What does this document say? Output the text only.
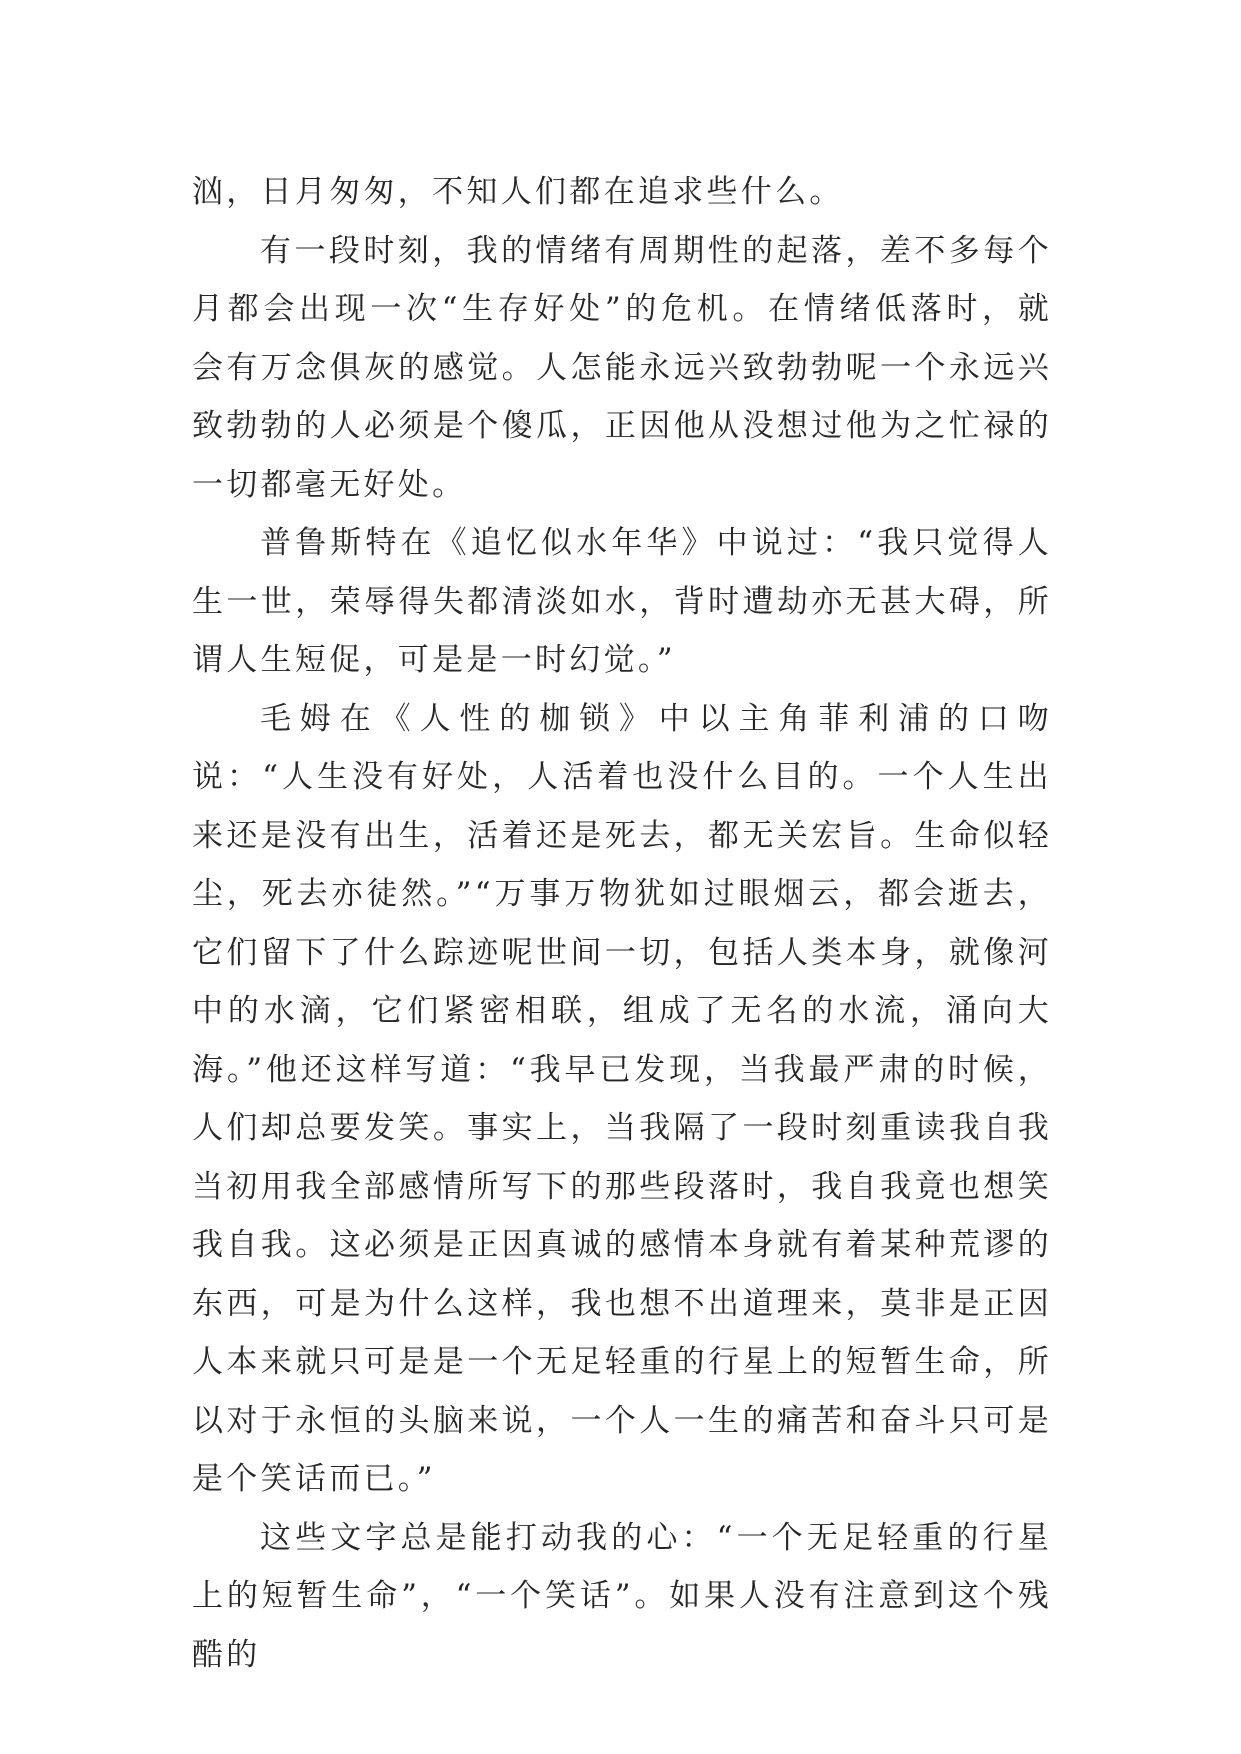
汹，日月匆匆，不知人们都在追求些什么。

有一段时刻，我的情绪有周期性的起落，差不多每个月都会出现一次“生存好处”的危机。在情绪低落时，就会有万念俱灰的感觉。人怎能永远兴致勃勃呢一个永远兴致勃勃的人必须是个傻瓜，正因他从没想过他为之忙禄的一切都毫无好处。

普鲁斯特在《追忆似水年华》中说过：“我只觉得人生一世，荣辱得失都清淡如水，背时遭劫亦无甚大碍，所谓人生短促，可是是一时幻觉。”

毛姆在《人性的枷锁》中以主角菲利浦的口吻说：“人生没有好处，人活着也没什么目的。一个人生出来还是没有出生，活着还是死去，都无关宏旨。生命似轻尘，死去亦徒然。”“万事万物犹如过眼烟云，都会逝去，它们留下了什么踪迹呢世间一切，包括人类本身，就像河中的水滴，它们紧密相联，组成了无名的水流，涌向大海。”他还这样写道：“我早已发现，当我最严肃的时候，人们却总要发笑。事实上，当我隔了一段时刻重读我自我当初用我全部感情所写下的那些段落时，我自我竟也想笑我自我。这必须是正因真诚的感情本身就有着某种荒谬的东西，可是为什么这样，我也想不出道理来，莫非是正因人本来就只可是是一个无足轻重的行星上的短暂生命，所以对于永恒的头脑来说，一个人一生的痛苦和奋斗只可是是个笑话而已。”

这些文字总是能打动我的心：“一个无足轻重的行星上的短暂生命”，“一个笑话”。如果人没有注意到这个残酷的
